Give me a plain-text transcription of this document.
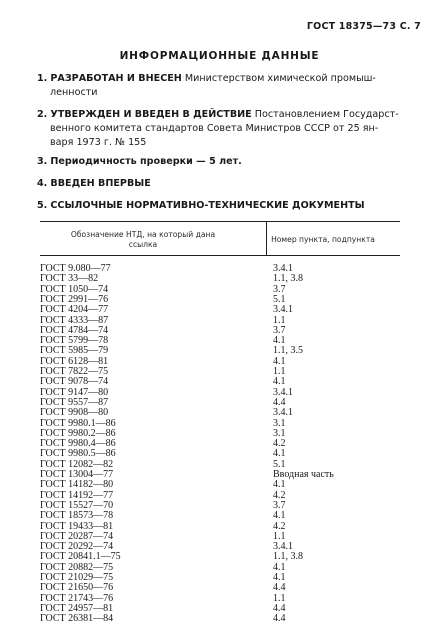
ГОСТ 18375—73 С. 7
ИНФОРМАЦИОННЫЕ ДАННЫЕ
1. РАЗРАБОТАН И ВНЕСЕН Министерством химической промыш-
ленности
2. УТВЕРЖДЕН И ВВЕДЕН В ДЕЙСТВИЕ Постановлением Государст-
венного комитета стандартов Совета Министров СССР от 25 ян-
варя 1973 г. № 155
3. Периодичность проверки — 5 лет.
4. ВВЕДЕН ВПЕРВЫЕ
5. ССЫЛОЧНЫЕ НОРМАТИВНО-ТЕХНИЧЕСКИЕ ДОКУМЕНТЫ
Обозначение НТД, на который дана ссылка	Номер пункта, подпункта
ГОСТ 9.080—77	3.4.1
ГОСТ 33—82	1.1, 3.8
ГОСТ 1050—74	3.7
ГОСТ 2991—76	5.1
ГОСТ 4204—77	3.4.1
ГОСТ 4333—87	1.1
ГОСТ 4784—74	3.7
ГОСТ 5799—78	4.1
ГОСТ 5985—79	1.1, 3.5
ГОСТ 6128—81	4.1
ГОСТ 7822—75	1.1
ГОСТ 9078—74	4.1
ГОСТ 9147—80	3.4.1
ГОСТ 9557—87	4.4
ГОСТ 9908—80	3.4.1
ГОСТ 9980.1—86	3.1
ГОСТ 9980.2—86	3.1
ГОСТ 9980.4—86	4.2
ГОСТ 9980.5—86	4.1
ГОСТ 12082—82	5.1
ГОСТ 13004—77	Вводная часть
ГОСТ 14182—80	4.1
ГОСТ 14192—77	4.2
ГОСТ 15527—70	3.7
ГОСТ 18573—78	4.1
ГОСТ 19433—81	4.2
ГОСТ 20287—74	1.1
ГОСТ 20292—74	3.4.1
ГОСТ 20841.1—75	1.1, 3.8
ГОСТ 20882—75	4.1
ГОСТ 21029—75	4.1
ГОСТ 21650—76	4.4
ГОСТ 21743—76	1.1
ГОСТ 24957—81	4.4
ГОСТ 26381—84	4.4
